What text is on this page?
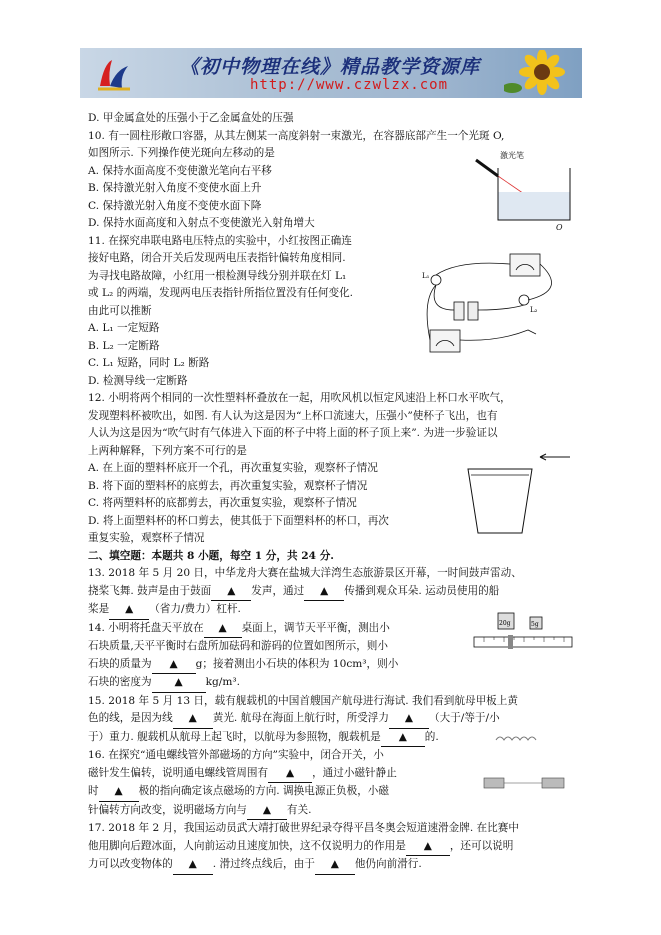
《初中物理在线》精品教学资源库
http://www.czwlzx.com
D. 甲金属盒处的压强小于乙金属盒处的压强
10. 有一圆柱形敞口容器，从其左侧某一高度斜射一束激光，在容器底部产生一个光斑 O,
如图所示. 下列操作使光斑向左移动的是
A. 保持水面高度不变使激光笔向右平移
B. 保持激光射入角度不变使水面上升
C. 保持激光射入角度不变使水面下降
D. 保持水面高度和入射点不变使激光入射角增大
11. 在探究串联电路电压特点的实验中，小红按图正确连
接好电路，闭合开关后发现两电压表指针偏转角度相同.
为寻找电路故障，小红用一根检测导线分别并联在灯 L₁
或 L₂ 的两端，发现两电压表指针所指位置没有任何变化.
由此可以推断
A. L₁ 一定短路
B. L₂ 一定断路
C. L₁ 短路，同时 L₂ 断路
D. 检测导线一定断路
12. 小明将两个相同的一次性塑料杯叠放在一起，用吹风机以恒定风速沿上杯口水平吹气，
发现塑料杯被吹出，如图. 有人认为这是因为“上杯口流速大，压强小”使杯子飞出，也有
人认为这是因为“吹气时有气体进入下面的杯子中将上面的杯子顶上来”. 为进一步验证以
上两种解释，下列方案不可行的是
A. 在上面的塑料杯底开一个孔，再次重复实验，观察杯子情况
B. 将下面的塑料杯的底剪去，再次重复实验，观察杯子情况
C. 将两塑料杯的底都剪去，再次重复实验，观察杯子情况
D. 将上面塑料杯的杯口剪去，使其低于下面塑料杯的杯口，再次
重复实验，观察杯子情况
二、填空题：本题共 8 小题，每空 1 分，共 24 分.
13. 2018 年 5 月 20 日，中华龙舟大赛在盐城大洋湾生态旅游景区开幕，一时间鼓声雷动、
挠桨飞舞. 鼓声是由于鼓面 ▲ 发声，通过 ▲ 传播到观众耳朵. 运动员使用的船
桨是 ▲ （省力/费力）杠杆.
14. 小明将托盘天平放在 ▲ 桌面上，调节天平平衡，测出小
石块质量,天平平衡时右盘所加砝码和游码的位置如图所示，则小
石块的质量为 ▲ g；接着测出小石块的体积为 10cm³，则小
石块的密度为 ▲ kg/m³.
15. 2018 年 5 月 13 日，载有舰载机的中国首艘国产航母进行海试. 我们看到航母甲板上黄
色的线，是因为线 ▲ 黄光. 航母在海面上航行时，所受浮力 ▲ （大于/等于/小
于）重力. 舰载机从航母上起飞时，以航母为参照物，舰载机是 ▲ 的.
16. 在探究“通电螺线管外部磁场的方向”实验中，闭合开关，小
磁针发生偏转，说明通电螺线管周围有 ▲ ，通过小磁针静止
时 ▲ 极的指向确定该点磁场的方向. 调换电源正负极，小磁
针偏转方向改变，说明磁场方向与 ▲ 有关.
17. 2018 年 2 月，我国运动员武大靖打破世界纪录夺得平昌冬奥会短道速滑金牌. 在比赛中
他用脚向后蹬冰面，人向前运动且速度加快，这不仅说明力的作用是 ▲ ，还可以说明
力可以改变物体的 ▲ . 滑过终点线后，由于 ▲ 他仍向前滑行.
激光笔
O
L₁
L₂
20g	5g
